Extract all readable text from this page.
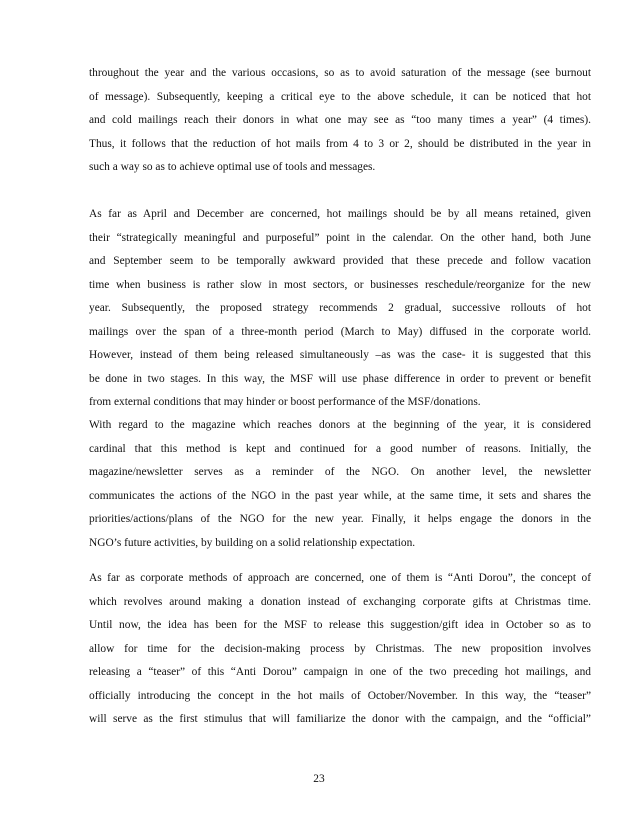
throughout the year and the various occasions, so as to avoid saturation of the message (see burnout
of message). Subsequently, keeping a critical eye to the above schedule, it can be noticed that hot
and cold mailings reach their donors in what one may see as “too many times a year” (4 times).
Thus, it follows that the reduction of hot mails from 4 to 3 or 2, should be distributed in the year in
such a way so as to achieve optimal use of tools and messages.
As far as April and December are concerned, hot mailings should be by all means retained, given
their “strategically meaningful and purposeful” point in the calendar. On the other hand, both June
and September seem to be temporally awkward provided that these precede and follow vacation
time when business is rather slow in most sectors, or businesses reschedule/reorganize for the new
year. Subsequently, the proposed strategy recommends 2 gradual, successive rollouts of hot
mailings over the span of a three-month period (March to May) diffused in the corporate world.
However, instead of them being released simultaneously –as was the case- it is suggested that this
be done in two stages. In this way, the MSF will use phase difference in order to prevent or benefit
from external conditions that may hinder or boost performance of the MSF/donations.
With regard to the magazine which reaches donors at the beginning of the year, it is considered
cardinal that this method is kept and continued for a good number of reasons. Initially, the
magazine/newsletter serves as a reminder of the NGO. On another level, the newsletter
communicates the actions of the NGO in the past year while, at the same time, it sets and shares the
priorities/actions/plans of the NGO for the new year. Finally, it helps engage the donors in the
NGO’s future activities, by building on a solid relationship expectation.
As far as corporate methods of approach are concerned, one of them is “Anti Dorou”, the concept of
which revolves around making a donation instead of exchanging corporate gifts at Christmas time.
Until now, the idea has been for the MSF to release this suggestion/gift idea in October so as to
allow for time for the decision-making process by Christmas. The new proposition involves
releasing a “teaser” of this “Anti Dorou” campaign in one of the two preceding hot mailings, and
officially introducing the concept in the hot mails of October/November. In this way, the “teaser”
will serve as the first stimulus that will familiarize the donor with the campaign, and the “official”
23
